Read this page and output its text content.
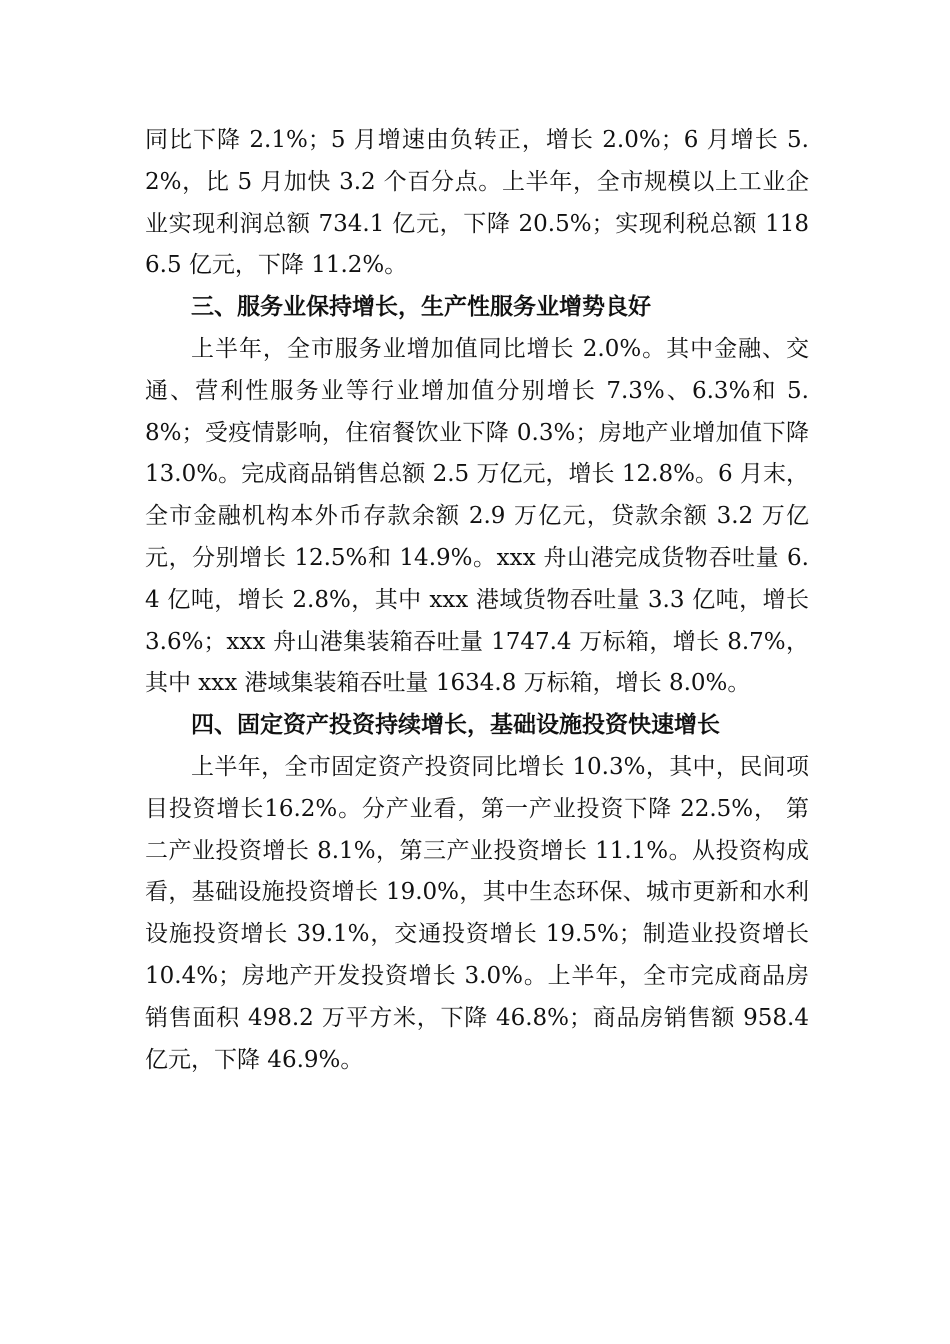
同比下降 2.1%；5 月增速由负转正，增长 2.0%；6 月增长 5.2%，比 5 月加快 3.2 个百分点。上半年，全市规模以上工业企业实现利润总额 734.1 亿元，下降 20.5%；实现利税总额 1186.5 亿元，下降 11.2%。

三、服务业保持增长，生产性服务业增势良好

上半年，全市服务业增加值同比增长 2.0%。其中金融、交通、营利性服务业等行业增加值分别增长 7.3%、6.3%和 5.8%；受疫情影响，住宿餐饮业下降 0.3%；房地产业增加值下降 13.0%。完成商品销售总额 2.5 万亿元，增长 12.8%。6 月末，全市金融机构本外币存款余额 2.9 万亿元，贷款余额 3.2 万亿元，分别增长 12.5%和 14.9%。xxx 舟山港完成货物吞吐量 6.4 亿吨，增长 2.8%，其中 xxx 港域货物吞吐量 3.3 亿吨，增长 3.6%；xxx 舟山港集装箱吞吐量 1747.4 万标箱，增长 8.7%，其中 xxx 港域集装箱吞吐量 1634.8 万标箱，增长 8.0%。

四、固定资产投资持续增长，基础设施投资快速增长

上半年，全市固定资产投资同比增长 10.3%，其中，民间项目投资增长16.2%。分产业看，第一产业投资下降 22.5%， 第二产业投资增长 8.1%，第三产业投资增长 11.1%。从投资构成看，基础设施投资增长 19.0%，其中生态环保、城市更新和水利设施投资增长 39.1%，交通投资增长 19.5%；制造业投资增长 10.4%；房地产开发投资增长 3.0%。上半年，全市完成商品房销售面积 498.2 万平方米，下降 46.8%；商品房销售额 958.4 亿元，下降 46.9%。
